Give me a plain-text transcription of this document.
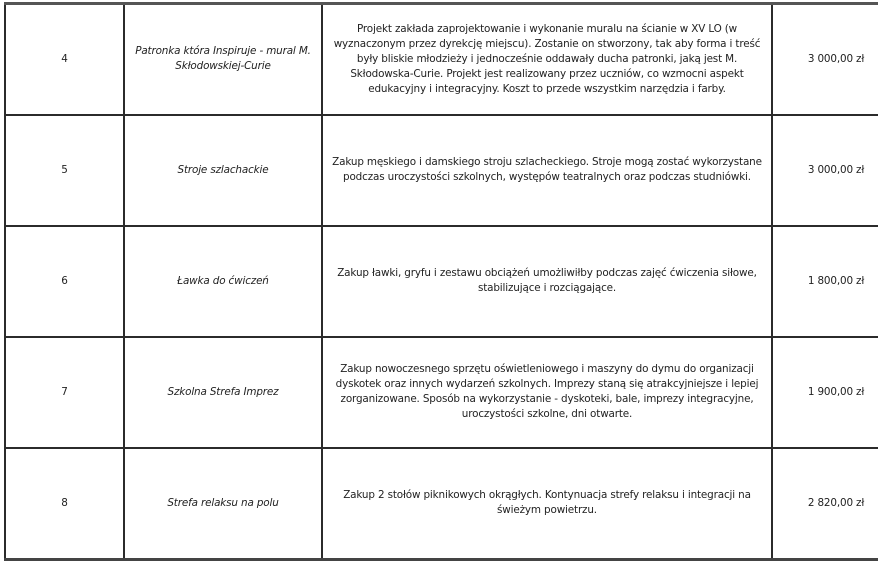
4	Patronka która Inspiruje - mural M. Skłodowskiej-Curie	Projekt zakłada zaprojektowanie i wykonanie muralu na ścianie w XV LO (w wyznaczonym przez dyrekcję miejscu). Zostanie on stworzony, tak aby forma i treść były bliskie młodzieży i jednocześnie oddawały ducha patronki, jaką jest M. Skłodowska-Curie. Projekt jest realizowany przez uczniów, co wzmocni aspekt edukacyjny i integracyjny. Koszt to przede wszystkim narzędzia i farby.	3 000,00 zł
5	Stroje szlachackie	Zakup męskiego i damskiego stroju szlacheckiego. Stroje mogą zostać wykorzystane podczas uroczystości szkolnych, występów teatralnych oraz podczas studniówki.	3 000,00 zł
6	Ławka do ćwiczeń	Zakup ławki, gryfu i zestawu obciążeń umożliwiłby podczas zajęć ćwiczenia siłowe, stabilizujące i rozciągające.	1 800,00 zł
7	Szkolna Strefa Imprez	Zakup nowoczesnego sprzętu oświetleniowego i maszyny do dymu do organizacji dyskotek oraz innych wydarzeń szkolnych. Imprezy staną się atrakcyjniejsze i lepiej zorganizowane. Sposób na wykorzystanie - dyskoteki, bale, imprezy integracyjne, uroczystości szkolne, dni otwarte.	1 900,00 zł
8	Strefa relaksu na polu	Zakup 2 stołów piknikowych okrągłych. Kontynuacja strefy relaksu i integracji na świeżym powietrzu.	2 820,00 zł
